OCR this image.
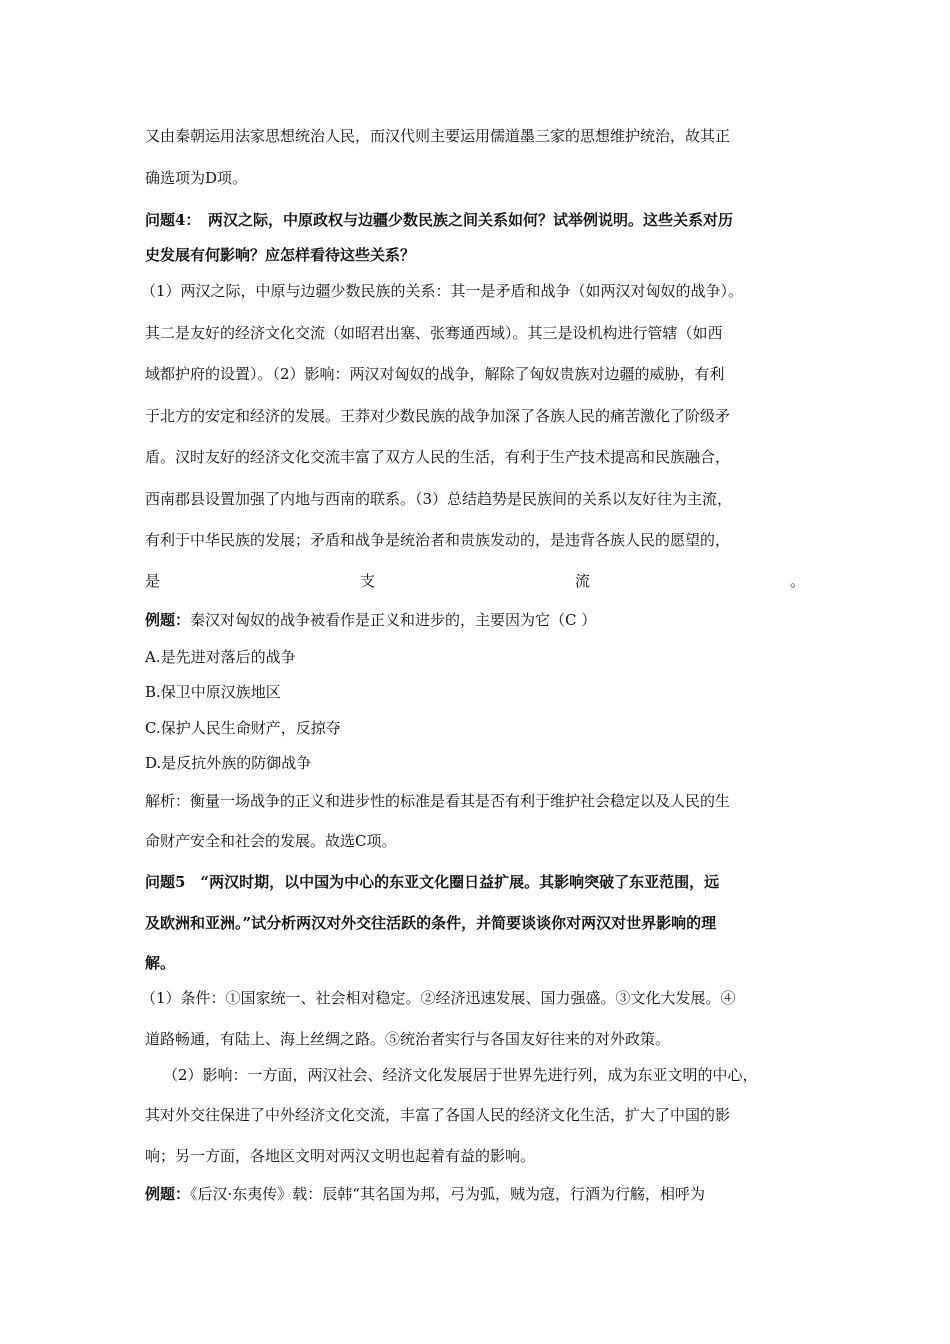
又由秦朝运用法家思想统治人民，而汉代则主要运用儒道墨三家的思想维护统治，故其正
确选项为D项。
问题4：　两汉之际，中原政权与边疆少数民族之间关系如何？试举例说明。这些关系对历
史发展有何影响？应怎样看待这些关系？
（1）两汉之际，中原与边疆少数民族的关系：其一是矛盾和战争（如两汉对匈奴的战争）。
其二是友好的经济文化交流（如昭君出塞、张骞通西域）。其三是设机构进行管辖（如西
域都护府的设置）。（2）影响：两汉对匈奴的战争，解除了匈奴贵族对边疆的威胁，有利
于北方的安定和经济的发展。王莽对少数民族的战争加深了各族人民的痛苦激化了阶级矛
盾。汉时友好的经济文化交流丰富了双方人民的生活，有利于生产技术提高和民族融合，
西南郡县设置加强了内地与西南的联系。（3）总结趋势是民族间的关系以友好往为主流，
有利于中华民族的发展；矛盾和战争是统治者和贵族发动的，是违背各族人民的愿望的，
是	支	流	。
例题：秦汉对匈奴的战争被看作是正义和进步的，主要因为它（C ）
A.是先进对落后的战争
B.保卫中原汉族地区
C.保护人民生命财产，反掠夺
D.是反抗外族的防御战争
解析：衡量一场战争的正义和进步性的标准是看其是否有利于维护社会稳定以及人民的生
命财产安全和社会的发展。故选C项。
问题5　“两汉时期，以中国为中心的东亚文化圈日益扩展。其影响突破了东亚范围，远
及欧洲和亚洲。”试分析两汉对外交往活跃的条件，并简要谈谈你对两汉对世界影响的理
解。
（1）条件：①国家统一、社会相对稳定。②经济迅速发展、国力强盛。③文化大发展。④
道路畅通，有陆上、海上丝绸之路。⑤统治者实行与各国友好往来的对外政策。
（2）影响：一方面，两汉社会、经济文化发展居于世界先进行列，成为东亚文明的中心，
其对外交往保进了中外经济文化交流，丰富了各国人民的经济文化生活，扩大了中国的影
响；另一方面，各地区文明对两汉文明也起着有益的影响。
例题：《后汉·东夷传》载：辰韩“其名国为邦，弓为弧，贼为寇，行酒为行觞，相呼为
